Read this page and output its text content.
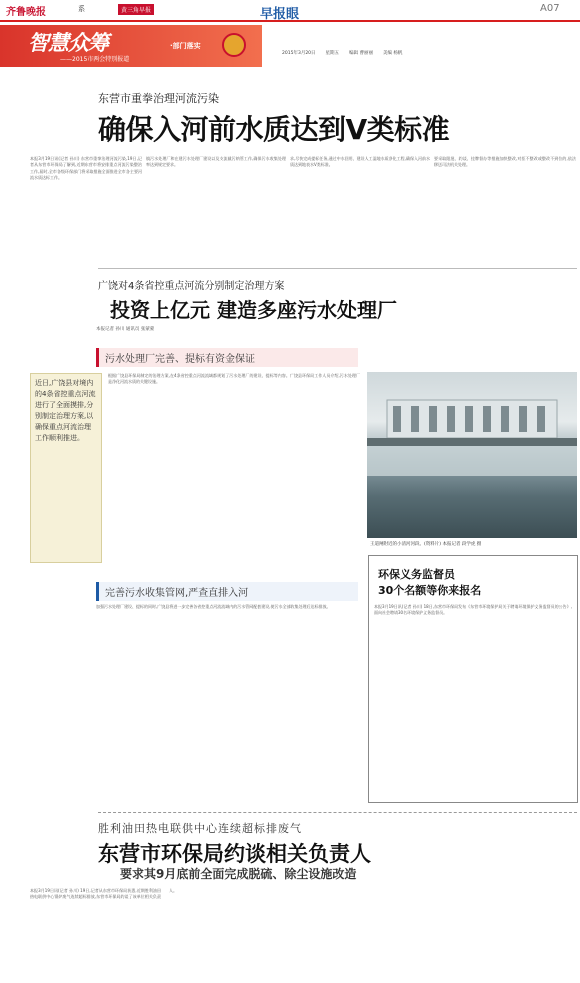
齐鲁晚报	系	黄三角早报	早报眼	A07
智慧众筹	·部门落实
——2015市两会特别报道
2015年3月20日 星期五 编辑 曹丽丽 美编 杨帆
东营市重拳治理河流污染
确保入河前水质达到Ⅴ类标准
本报3月19日讯(记者 孙川) 东营市重拳治理河流污染,19日,记者从东营市环保局了解到,近期东营市将安排重点河流污染整治工作,届时,全市各级环保部门将采取措施全面推进全市各主要河流水质达标工作。
镇污水处理厂和在建污水处理厂建设以及支流截污纳管工作,确保污水收集处理率达到规定要求。
求,尽快完成提标任务,通过中水回用、建设人工湿地水质净化工程,确保入河前水质达到地表水Ⅴ类标准。
要采取限批、约谈、挂牌督办等措施加快整改,对拒不整改或整改不到位的,依法移送司法机关处理。
广饶对4条省控重点河流分别制定治理方案
投资上亿元 建造多座污水处理厂
本报记者 孙川 通讯员 张蒙蒙
污水处理厂完善、提标有资金保证
近日,广饶县对境内的4条省控重点河流进行了全面摸排,分别制定治理方案,以确保重点河流治理工作顺利推进。
根据广饶县环保局制定的治理方案,在4条省控重点河流流域都规划了污水处理厂的建设、提标等内容。广饶县环保局工作人员介绍,污水处理厂是净化河流水质的关键设施。
王道闸附近的小清河河段。(资料片) 本报记者 段学虎 摄
完善污水收集管网,严查直排入河
加强污水处理厂建设、提标的同时,广饶县将进一步完善各省控重点河流流域内的污水管网配套建设,使污水全部收集处理后达标排放。
环保义务监督员
30个名额等你来报名
本报3月19日讯(记者 孙川) 18日,东营市环保局发布《东营市环境保护局关于聘请环境保护义务监督员的公告》,面向社会聘请30名环境保护义务监督员。
胜利油田热电联供中心连续超标排废气
东营市环保局约谈相关负责人
要求其9月底前全面完成脱硫、除尘设施改造
本报3月19日讯(记者 孙川) 19日,记者从东营市环保局获悉,近期胜利油田热电联供中心锅炉废气连续超标排放,东营市环保局约谈了该单位相关负责人。
